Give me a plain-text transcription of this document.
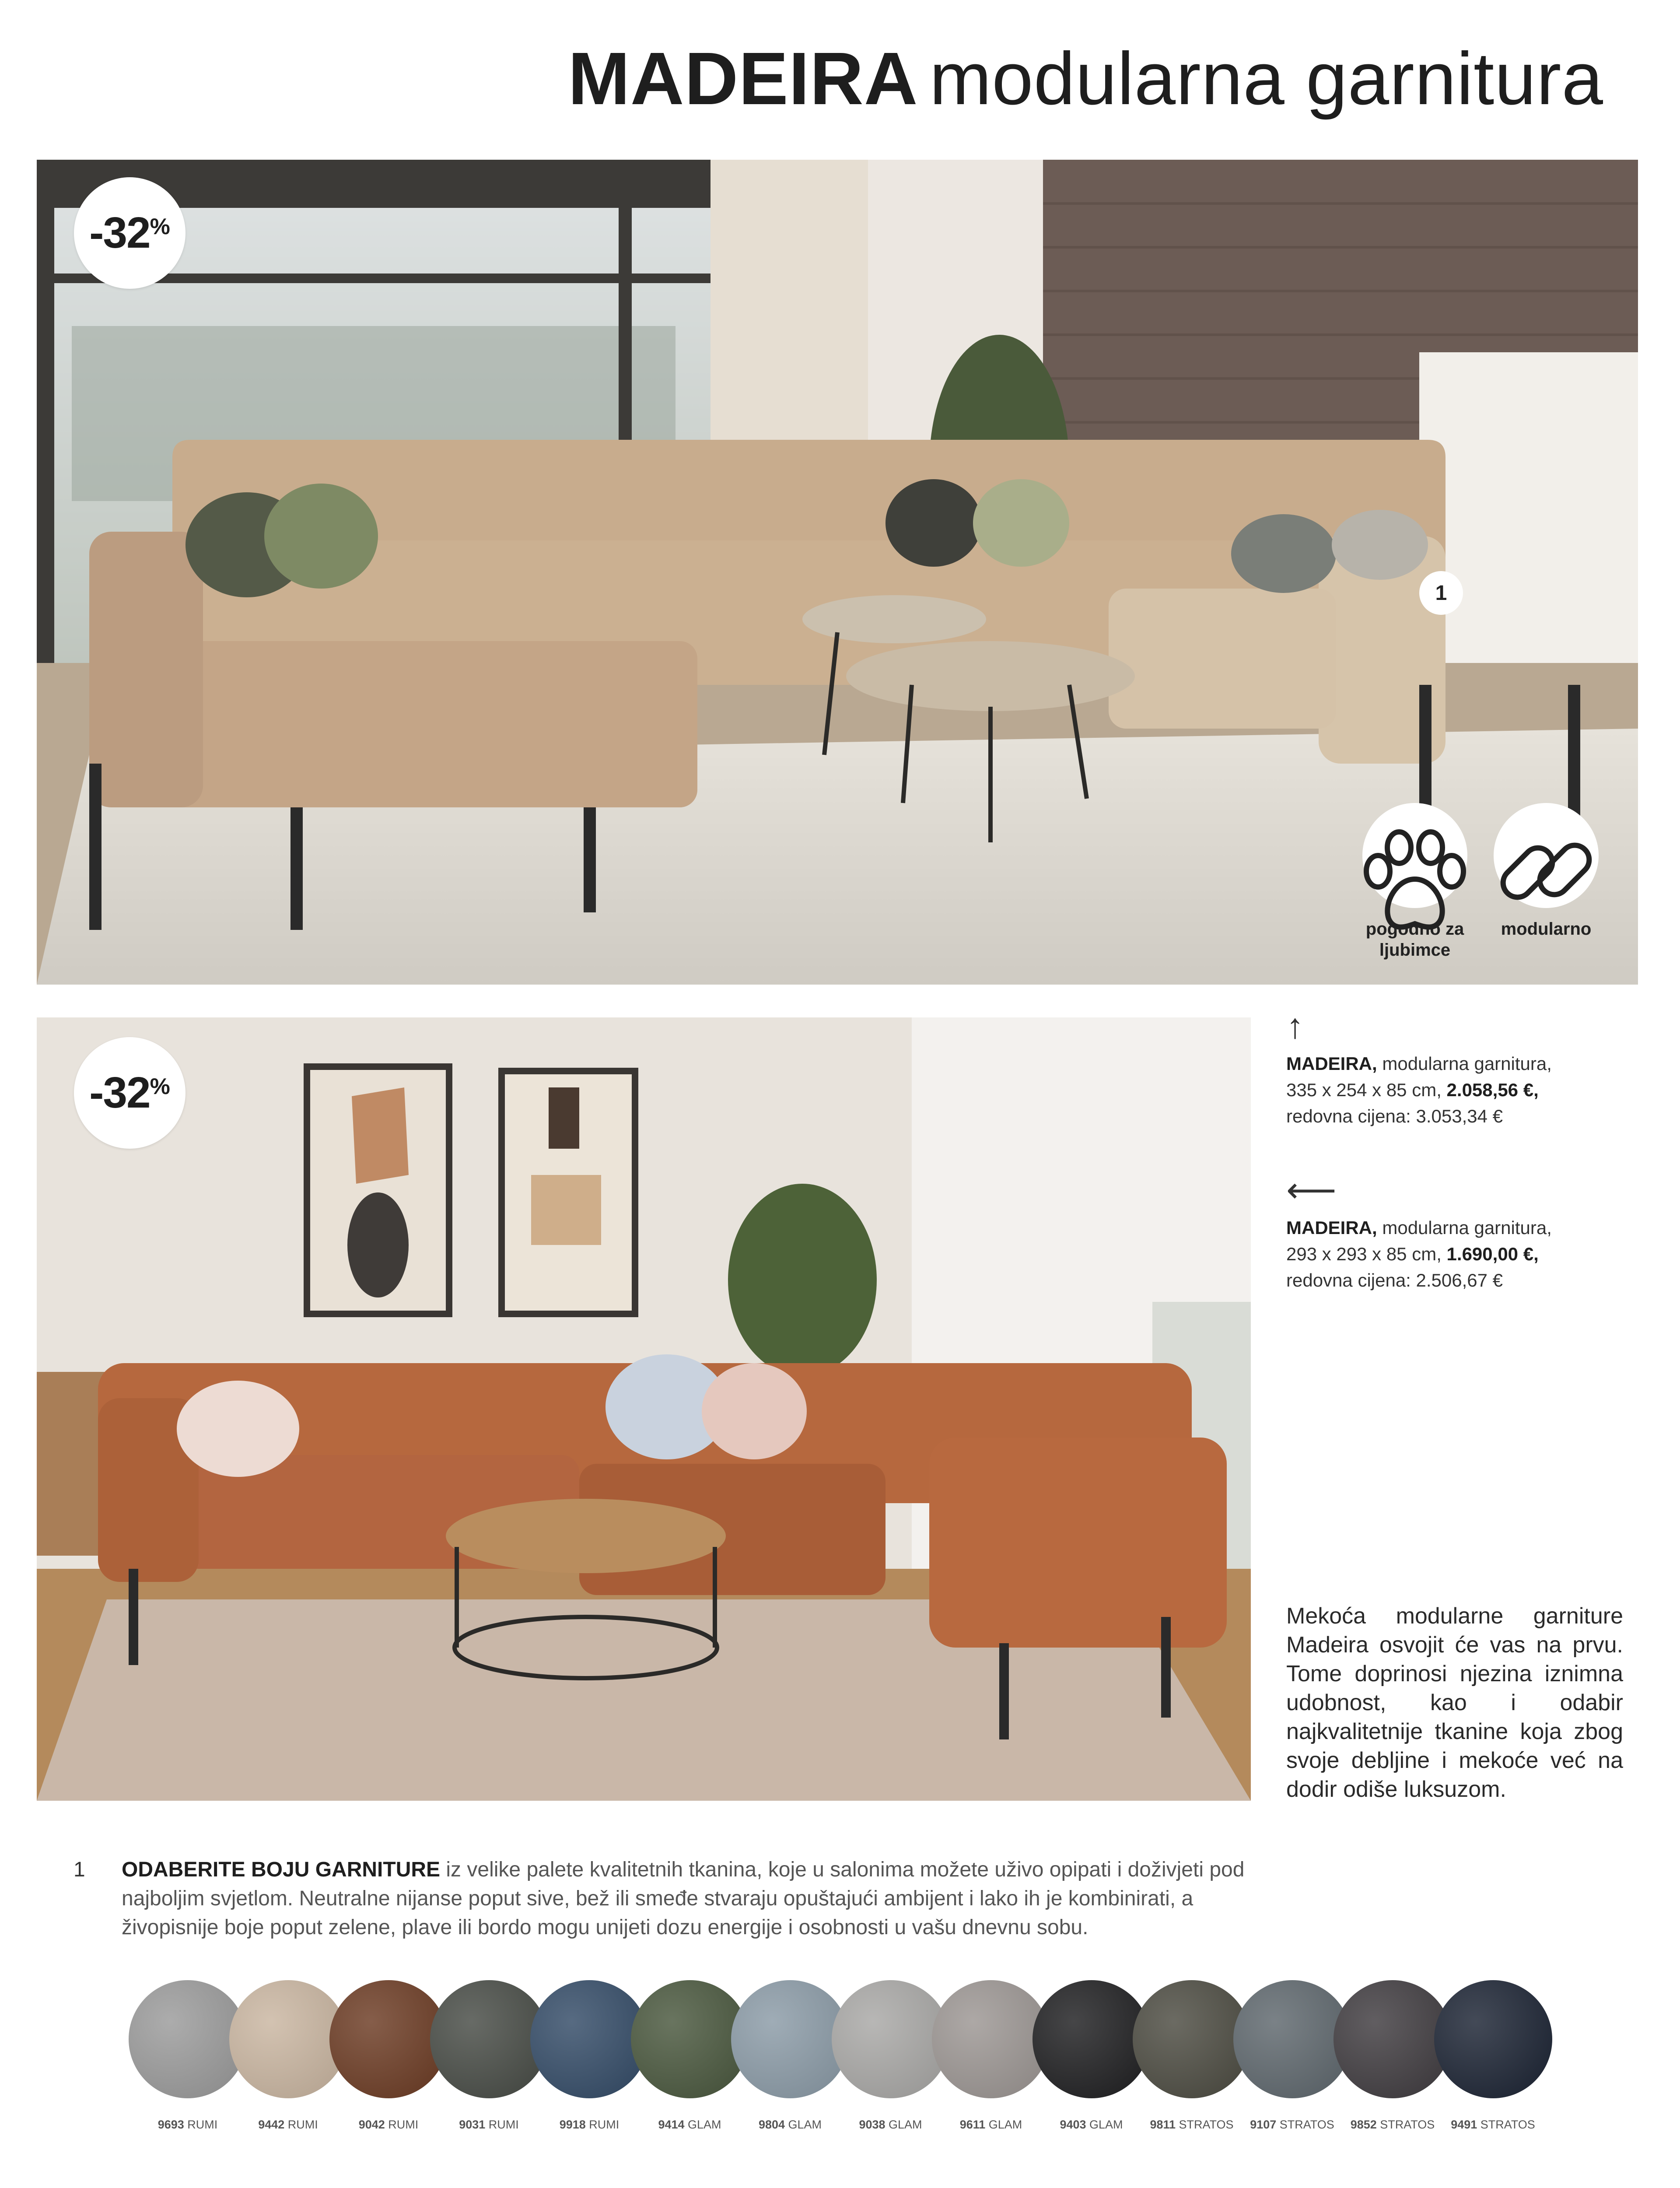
MADEIRA modularna garnitura
-32 %
1
pogodno za ljubimce
modularno
-32 %
↑
MADEIRA, modularna garnitura,
335 x 254 x 85 cm, 2.058,56 €,
redovna cijena: 3.053,34 €
⟵
MADEIRA, modularna garnitura,
293 x 293 x 85 cm, 1.690,00 €,
redovna cijena: 2.506,67 €
Mekoća modularne garniture Madeira osvojit će vas na prvu. Tome doprinosi njezina iznimna udobnost, kao i odabir najkvalitetnije tkanine koja zbog svoje debljine i mekoće već na dodir odiše luksuzom.
1 ODABERITE BOJU GARNITURE iz velike palete kvalitetnih tkanina, koje u salonima možete uživo opipati i doživjeti pod najboljim svjetlom. Neutralne nijanse poput sive, bež ili smeđe stvaraju opuštajući ambijent i lako ih je kombinirati, a živopisnije boje poput zelene, plave ili bordo mogu unijeti dozu energije i osobnosti u vašu dnevnu sobu.
9693 RUMI	9442 RUMI	9042 RUMI	9031 RUMI	9918 RUMI	9414 GLAM	9804 GLAM	9038 GLAM	9611 GLAM	9403 GLAM	9811 STRATOS	9107 STRATOS	9852 STRATOS	9491 STRATOS
